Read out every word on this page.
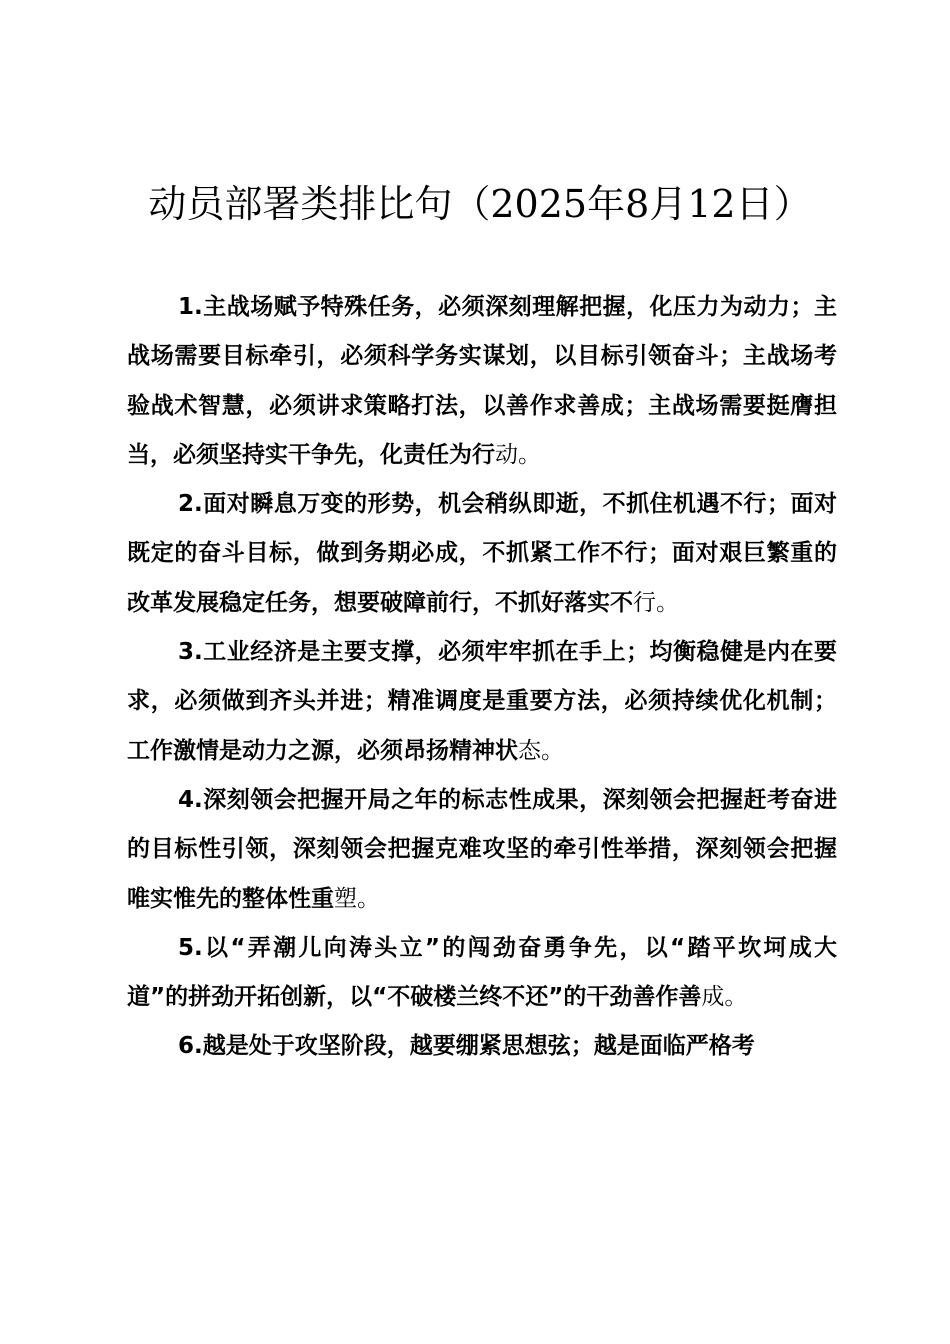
动员部署类排比句（2025年8月12日）

1.主战场赋予特殊任务，必须深刻理解把握，化压力为动力；主战场需要目标牵引，必须科学务实谋划，以目标引领奋斗；主战场考验战术智慧，必须讲求策略打法，以善作求善成；主战场需要挺膺担当，必须坚持实干争先，化责任为行动。

2.面对瞬息万变的形势，机会稍纵即逝，不抓住机遇不行；面对既定的奋斗目标，做到务期必成，不抓紧工作不行；面对艰巨繁重的改革发展稳定任务，想要破障前行，不抓好落实不行。

3.工业经济是主要支撑，必须牢牢抓在手上；均衡稳健是内在要求，必须做到齐头并进；精准调度是重要方法，必须持续优化机制；工作激情是动力之源，必须昂扬精神状态。

4.深刻领会把握开局之年的标志性成果，深刻领会把握赶考奋进的目标性引领，深刻领会把握克难攻坚的牵引性举措，深刻领会把握唯实惟先的整体性重塑。

5.以“弄潮儿向涛头立”的闯劲奋勇争先，以“踏平坎坷成大道”的拼劲开拓创新，以“不破楼兰终不还”的干劲善作善成。

6.越是处于攻坚阶段，越要绷紧思想弦；越是面临严格考
